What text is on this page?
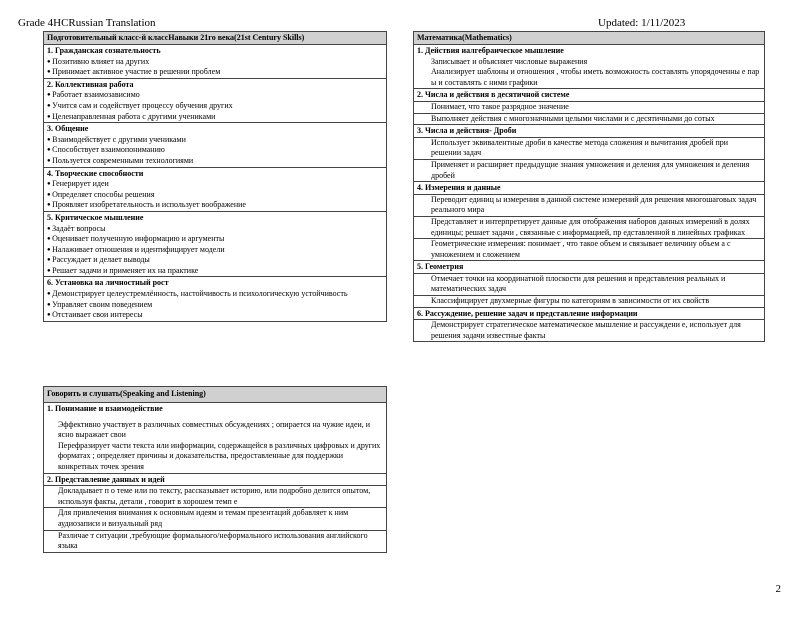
Grade 4HCRussian Translation	Updated: 1/11/2023
Подготовительный класс-й классНавыки 21го века(21st Century Skills)
1. Гражданская сознательность
● Позитивно влияет на других
● Принимает активное участие в решении проблем
2. Коллективная работа
● Работает взаимозависимо
● Учится сам и содействует процессу обучения других
● Целенаправленная работа с другими учениками
3. Общение
● Взаимодействует с другими учениками
● Способствует взаимопониманию
● Пользуется современными технологиями
4. Творческие способности
● Генерирует идеи
● Определяет способы решения
● Проявляет изобретательность и использует воображение
5. Критическое мышление
● Задаёт вопросы
● Оценивает полученную информацию и аргументы
● Налаживает отношения и идентифицирует модели
● Рассуждает и делает выводы
● Решает задачи и применяет их на практике
6. Установка на личностный рост
● Демонстрирует целеустремлённость, настойчивость и психологическую устойчивость
● Управляет своим поведением
● Отстаивает свои интересы
Говорить и слушать(Speaking and Listening)
1. Понимание и взаимодействие
Эффективно участвует в различных совместных обсуждениях ; опирается на чужие идеи, и ясно выражает свои
Перефразирует части текста или информации, содержащейся в различных цифровых и других форматах ; определяет причины и доказательства, предоставленные для поддержки конкретных точек зрения
2. Представление данных и идей
Докладывает п о теме или по тексту, рассказывает историю, или подробно делится опытом, используя факты, детали , говорит в хорошем темп е
Для привлечения внимания к основным идеям и темам презентаций добавляет к ним аудиозаписи и визуальный ряд
Различае т ситуации ,требующие формального/неформального использования английского языка
Математика(Mathematics)
1. Действия иалгебраическое мышление
Записывает и объясняет числовые выражения
Анализирует шаблоны и отношения , чтобы иметь возможность составлять упорядоченны е пар ы и составлять с ними графики
2. Числа и действия в десятичной системе
Понимает, что такое разрядное значение
Выполняет действия с многозначными целыми числами и с десятичными до сотых
3. Числа и действия- Дроби
Использует эквивалентные дроби в качестве метода сложения и вычитания дробей при решении задач
Применяет и расширяет предыдущие знания умножения и деления для умножения и деления дробей
4. Измерения и данные
Переводит единиц ы измерения в данной системе измерений для решения многошаговых задач реального мира
Представляет и интерпретирует данные для отображения наборов данных измерений в долях единицы; решает задачи , связанные с информацией, пр едставленной в линейных графиках
Геометрические измерения: понимает , что такое объем и связывает величину объем а с умножением и сложением
5. Геометрия
Отмечает точки на координатной плоскости для решения и представления реальных и математических задач
Классифицирует двухмерные фигуры по категориям в зависимости от их свойств
6. Рассуждение, решение задач и представление информации
Демонстрирует стратегическое математическое мышление и рассуждени е, использует для решения задачи известные факты
2
